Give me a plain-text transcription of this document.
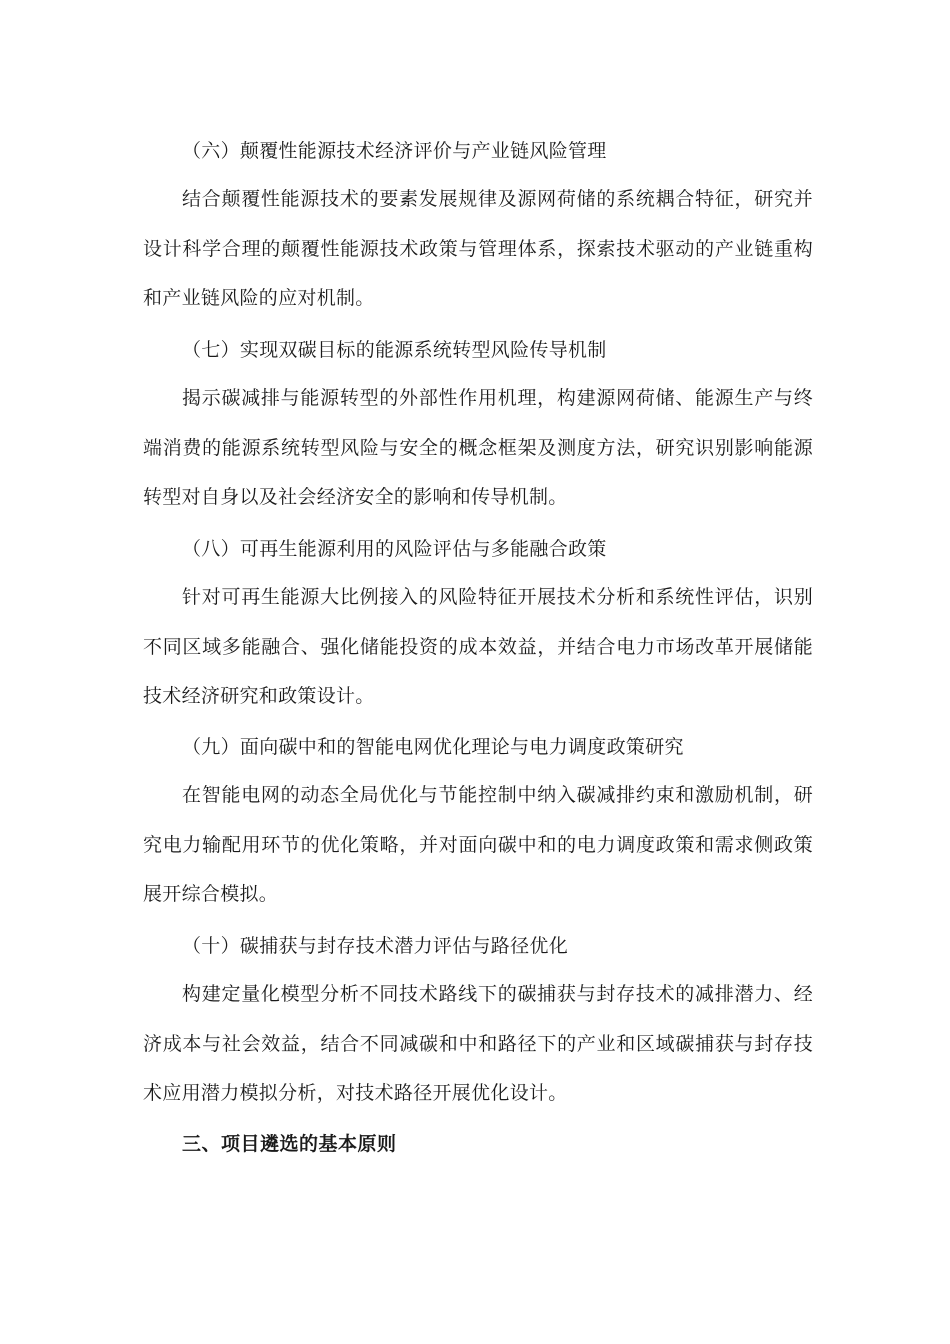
（六）颠覆性能源技术经济评价与产业链风险管理

结合颠覆性能源技术的要素发展规律及源网荷储的系统耦合特征，研究并设计科学合理的颠覆性能源技术政策与管理体系，探索技术驱动的产业链重构和产业链风险的应对机制。

（七）实现双碳目标的能源系统转型风险传导机制

揭示碳减排与能源转型的外部性作用机理，构建源网荷储、能源生产与终端消费的能源系统转型风险与安全的概念框架及测度方法，研究识别影响能源转型对自身以及社会经济安全的影响和传导机制。

（八）可再生能源利用的风险评估与多能融合政策

针对可再生能源大比例接入的风险特征开展技术分析和系统性评估，识别不同区域多能融合、强化储能投资的成本效益，并结合电力市场改革开展储能技术经济研究和政策设计。

（九）面向碳中和的智能电网优化理论与电力调度政策研究

在智能电网的动态全局优化与节能控制中纳入碳减排约束和激励机制，研究电力输配用环节的优化策略，并对面向碳中和的电力调度政策和需求侧政策展开综合模拟。

（十）碳捕获与封存技术潜力评估与路径优化

构建定量化模型分析不同技术路线下的碳捕获与封存技术的减排潜力、经济成本与社会效益，结合不同减碳和中和路径下的产业和区域碳捕获与封存技术应用潜力模拟分析，对技术路径开展优化设计。

三、项目遴选的基本原则
